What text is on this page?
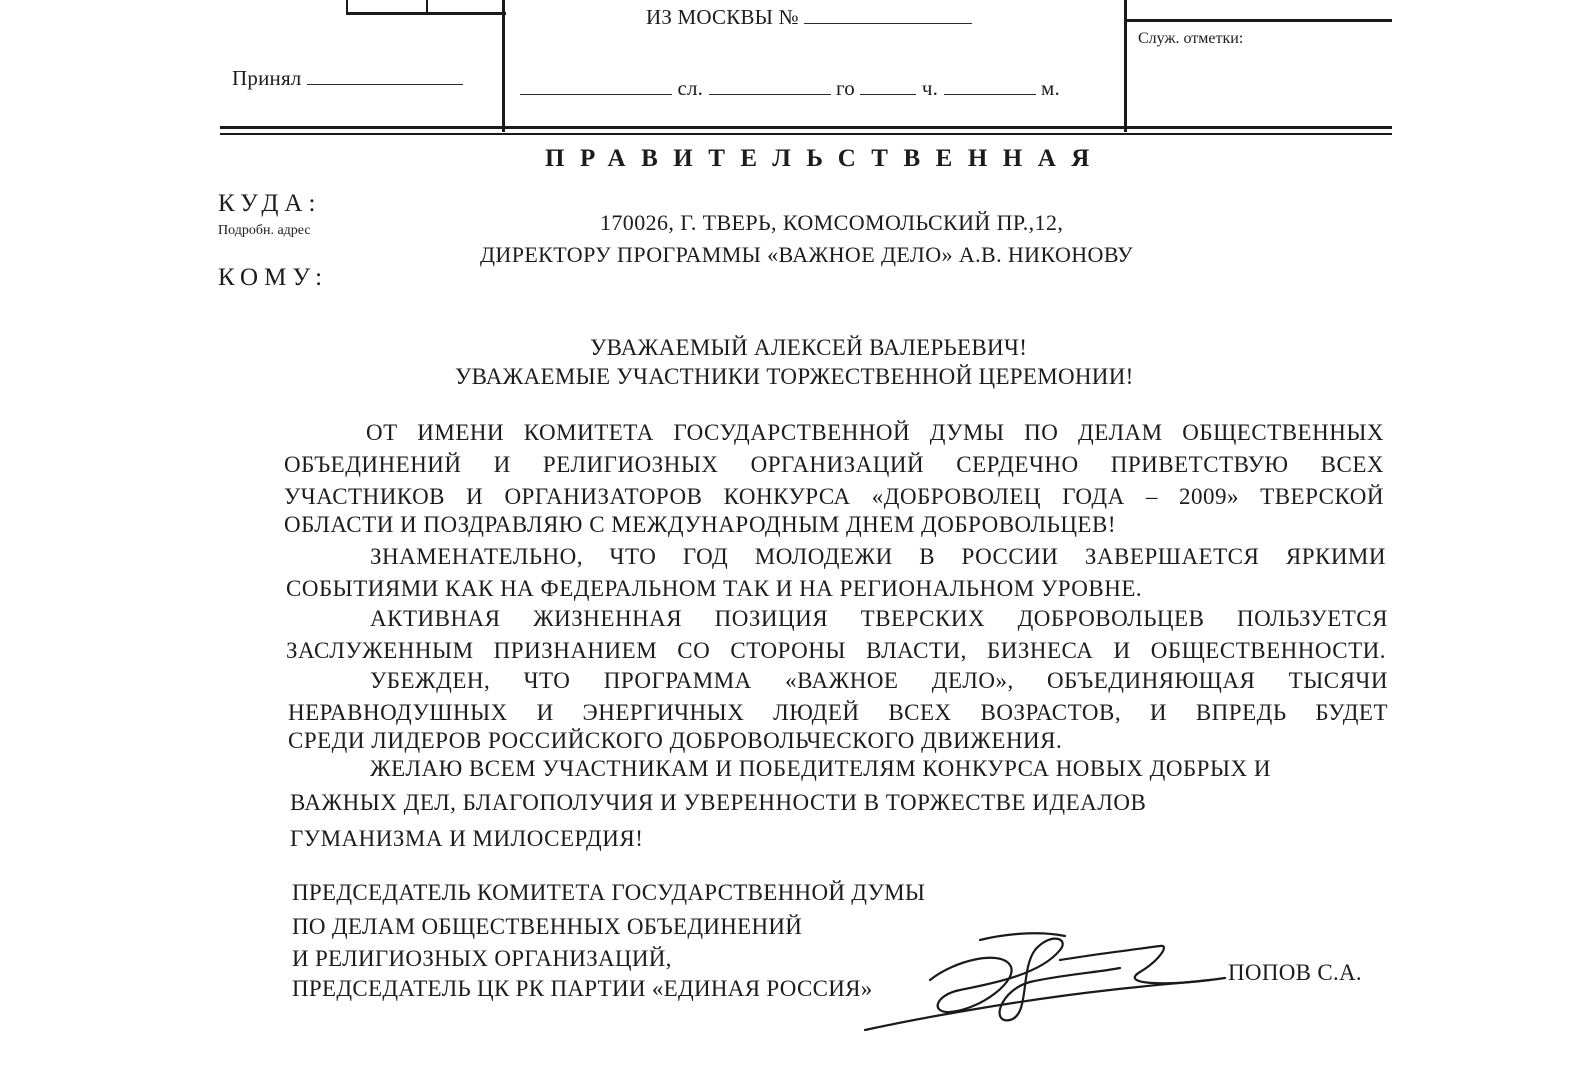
ИЗ МОСКВЫ №
Служ. отметки:
Принял	сл.	го	ч.	м.
ПРАВИТЕЛЬСТВЕННАЯ
КУДА:
Подробн. адрес
КОМУ:
170026, Г. ТВЕРЬ, КОМСОМОЛЬСКИЙ ПР.,12,
ДИРЕКТОРУ ПРОГРАММЫ «ВАЖНОЕ ДЕЛО» А.В. НИКОНОВУ
УВАЖАЕМЫЙ АЛЕКСЕЙ ВАЛЕРЬЕВИЧ!
УВАЖАЕМЫЕ УЧАСТНИКИ ТОРЖЕСТВЕННОЙ ЦЕРЕМОНИИ!
ОТ ИМЕНИ КОМИТЕТА ГОСУДАРСТВЕННОЙ ДУМЫ ПО ДЕЛАМ ОБЩЕСТВЕННЫХ
ОБЪЕДИНЕНИЙ И РЕЛИГИОЗНЫХ ОРГАНИЗАЦИЙ СЕРДЕЧНО ПРИВЕТСТВУЮ ВСЕХ
УЧАСТНИКОВ И ОРГАНИЗАТОРОВ КОНКУРСА «ДОБРОВОЛЕЦ ГОДА – 2009» ТВЕРСКОЙ
ОБЛАСТИ И ПОЗДРАВЛЯЮ С МЕЖДУНАРОДНЫМ ДНЕМ ДОБРОВОЛЬЦЕВ!
ЗНАМЕНАТЕЛЬНО, ЧТО ГОД МОЛОДЕЖИ В РОССИИ ЗАВЕРШАЕТСЯ ЯРКИМИ
СОБЫТИЯМИ КАК НА ФЕДЕРАЛЬНОМ ТАК И НА РЕГИОНАЛЬНОМ УРОВНЕ.
АКТИВНАЯ ЖИЗНЕННАЯ ПОЗИЦИЯ ТВЕРСКИХ ДОБРОВОЛЬЦЕВ ПОЛЬЗУЕТСЯ
ЗАСЛУЖЕННЫМ ПРИЗНАНИЕМ СО СТОРОНЫ ВЛАСТИ, БИЗНЕСА И ОБЩЕСТВЕННОСТИ.
УБЕЖДЕН, ЧТО ПРОГРАММА «ВАЖНОЕ ДЕЛО», ОБЪЕДИНЯЮЩАЯ ТЫСЯЧИ
НЕРАВНОДУШНЫХ И ЭНЕРГИЧНЫХ ЛЮДЕЙ ВСЕХ ВОЗРАСТОВ, И ВПРЕДЬ БУДЕТ
СРЕДИ ЛИДЕРОВ РОССИЙСКОГО ДОБРОВОЛЬЧЕСКОГО ДВИЖЕНИЯ.
ЖЕЛАЮ ВСЕМ УЧАСТНИКАМ И ПОБЕДИТЕЛЯМ КОНКУРСА НОВЫХ ДОБРЫХ И
ВАЖНЫХ ДЕЛ, БЛАГОПОЛУЧИЯ И УВЕРЕННОСТИ В ТОРЖЕСТВЕ ИДЕАЛОВ
ГУМАНИЗМА И МИЛОСЕРДИЯ!
ПРЕДСЕДАТЕЛЬ КОМИТЕТА ГОСУДАРСТВЕННОЙ ДУМЫ
ПО ДЕЛАМ ОБЩЕСТВЕННЫХ ОБЪЕДИНЕНИЙ
И РЕЛИГИОЗНЫХ ОРГАНИЗАЦИЙ,
ПРЕДСЕДАТЕЛЬ ЦК РК ПАРТИИ «ЕДИНАЯ РОССИЯ»
ПОПОВ С.А.
